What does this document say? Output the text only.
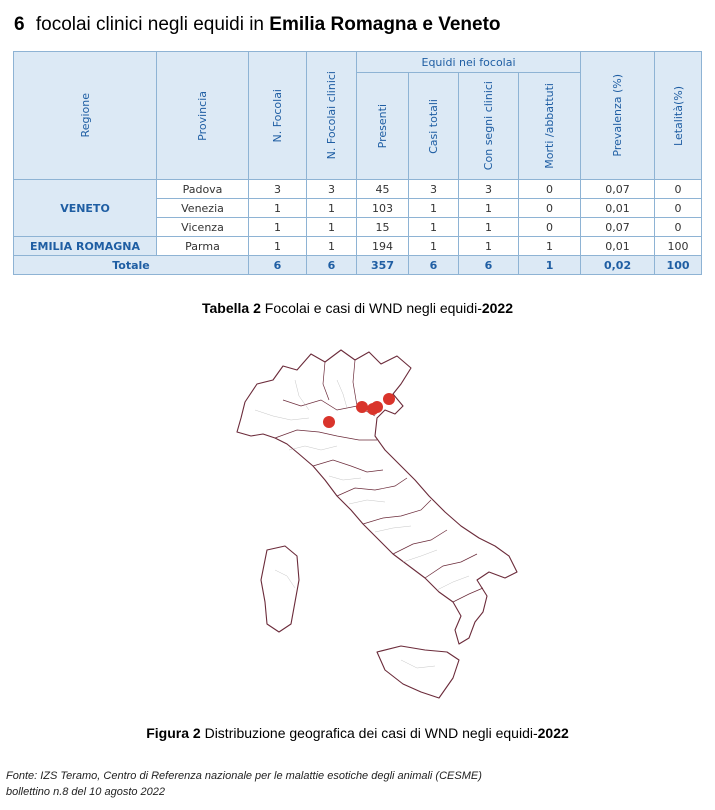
6 focolai clinici negli equidi in Emilia Romagna e Veneto
Regione	Provincia	N. Focolai	N. Focolai clinici	Equidi nei focolai				Prevalenza (%)	Letalità(%)

				Presenti	Casi totali	Con segni clinici	Morti /abbattuti		

VENETO	Padova	3	3	45	3	3	0	0,07	0
	Venezia	1	1	103	1	1	0	0,01	0
	Vicenza	1	1	15	1	1	0	0,07	0
EMILIA ROMAGNA	Parma	1	1	194	1	1	1	0,01	100
Totale		6	6	357	6	6	1	0,02	100
Tabella 2 Focolai e casi di WND negli equidi-2022
Figura 2 Distribuzione geografica dei casi di WND negli equidi-2022
Fonte: IZS Teramo, Centro di Referenza nazionale per le malattie esotiche degli animali (CESME)
bollettino n.8 del 10 agosto 2022
